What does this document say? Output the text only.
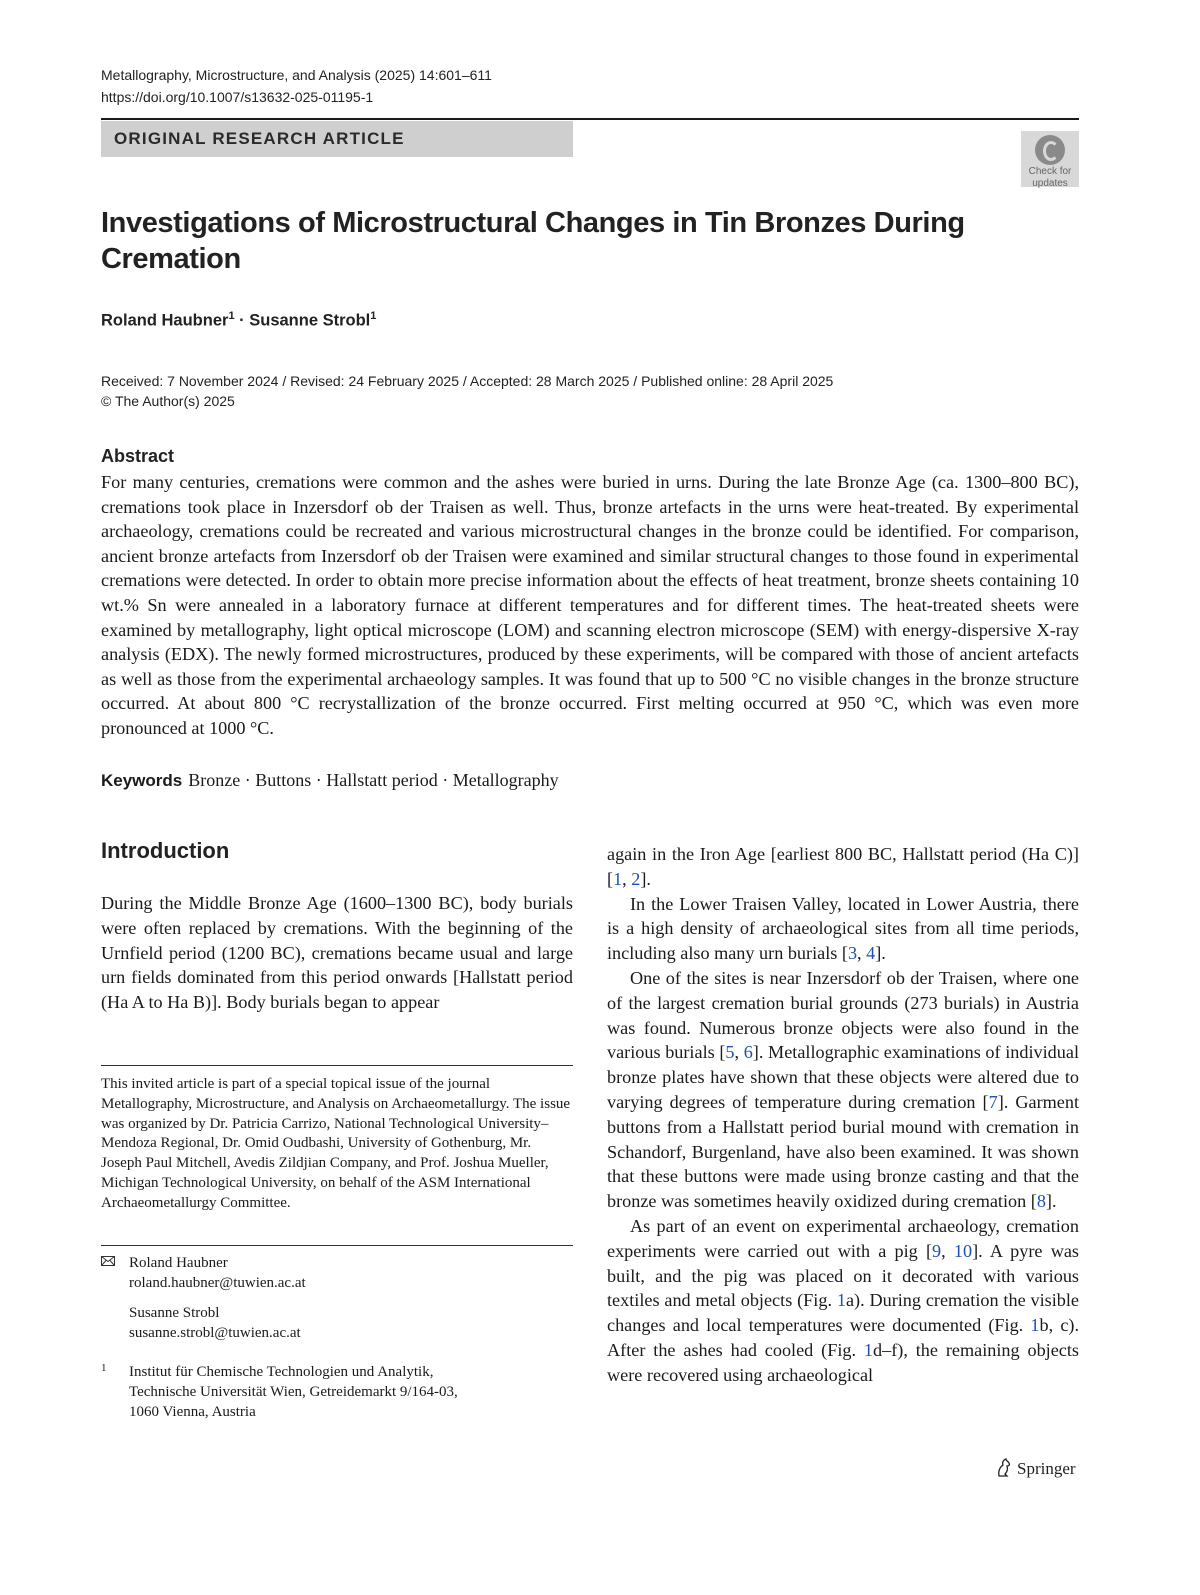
Metallography, Microstructure, and Analysis (2025) 14:601–611
https://doi.org/10.1007/s13632-025-01195-1
ORIGINAL RESEARCH ARTICLE
Check for
updates
Investigations of Microstructural Changes in Tin Bronzes During Cremation
Roland Haubner$^1$ · Susanne Strobl$^1$
Received: 7 November 2024 / Revised: 24 February 2025 / Accepted: 28 March 2025 / Published online: 28 April 2025
© The Author(s) 2025
Abstract

For many centuries, cremations were common and the ashes were buried in urns. During the late Bronze Age (ca. 1300–800 BC), cremations took place in Inzersdorf ob der Traisen as well. Thus, bronze artefacts in the urns were heat-treated. By experimental archaeology, cremations could be recreated and various microstructural changes in the bronze could be identified. For comparison, ancient bronze artefacts from Inzersdorf ob der Traisen were examined and similar structural changes to those found in experimental cremations were detected. In order to obtain more precise information about the effects of heat treatment, bronze sheets containing 10 wt.% Sn were annealed in a laboratory furnace at different temperatures and for different times. The heat-treated sheets were examined by metallography, light optical microscope (LOM) and scanning electron microscope (SEM) with energy-dispersive X-ray analysis (EDX). The newly formed microstructures, produced by these experiments, will be compared with those of ancient artefacts as well as those from the experimental archaeology samples. It was found that up to 500 °C no visible changes in the bronze structure occurred. At about 800 °C recrystallization of the bronze occurred. First melting occurred at 950 °C, which was even more pronounced at 1000 °C.

Keywords Bronze · Buttons · Hallstatt period · Metallography
Introduction

During the Middle Bronze Age (1600–1300 BC), body burials were often replaced by cremations. With the beginning of the Urnfield period (1200 BC), cremations became usual and large urn fields dominated from this period onwards [Hallstatt period (Ha A to Ha B)]. Body burials began to appear

again in the Iron Age [earliest 800 BC, Hallstatt period (Ha C)] [1, 2].

In the Lower Traisen Valley, located in Lower Austria, there is a high density of archaeological sites from all time periods, including also many urn burials [3, 4].

One of the sites is near Inzersdorf ob der Traisen, where one of the largest cremation burial grounds (273 burials) in Austria was found. Numerous bronze objects were also found in the various burials [5, 6]. Metallographic examinations of individual bronze plates have shown that these objects were altered due to varying degrees of temperature during cremation [7]. Garment buttons from a Hallstatt period burial mound with cremation in Schandorf, Burgenland, have also been examined. It was shown that these buttons were made using bronze casting and that the bronze was sometimes heavily oxidized during cremation [8].

As part of an event on experimental archaeology, cremation experiments were carried out with a pig [9, 10]. A pyre was built, and the pig was placed on it decorated with various textiles and metal objects (Fig. 1a). During cremation the visible changes and local temperatures were documented (Fig. 1b, c). After the ashes had cooled (Fig. 1d–f), the remaining objects were recovered using archaeological

This invited article is part of a special topical issue of the journal Metallography, Microstructure, and Analysis on Archaeometallurgy. The issue was organized by Dr. Patricia Carrizo, National Technological University–Mendoza Regional, Dr. Omid Oudbashi, University of Gothenburg, Mr. Joseph Paul Mitchell, Avedis Zildjian Company, and Prof. Joshua Mueller, Michigan Technological University, on behalf of the ASM International Archaeometallurgy Committee.

Roland Haubner
roland.haubner@tuwien.ac.at
Susanne Strobl
susanne.strobl@tuwien.ac.at
1 Institut für Chemische Technologien und Analytik,
Technische Universität Wien, Getreidemarkt 9/164-03,
1060 Vienna, Austria
Springer
